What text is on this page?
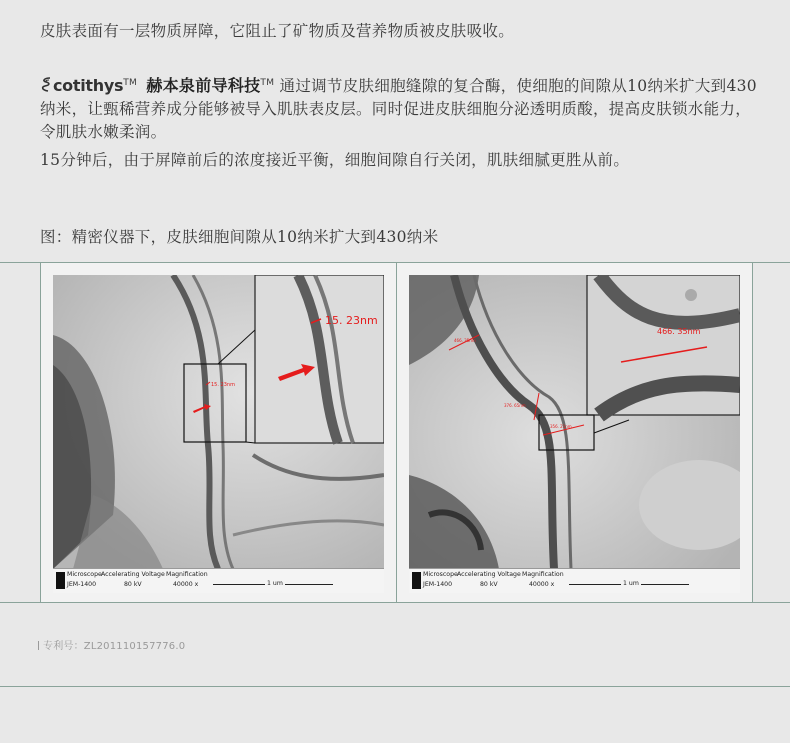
皮肤表面有一层物质屏障，它阻止了矿物质及营养物质被皮肤吸收。
cotithys™ 赫本泉前导科技™ 通过调节皮肤细胞缝隙的复合酶，使细胞的间隙从10纳米扩大到430纳米，让甄稀营养成分能够被导入肌肤表皮层。同时促进皮肤细胞分泌透明质酸，提高皮肤锁水能力，令肌肤水嫩柔润。
15分钟后，由于屏障前后的浓度接近平衡，细胞间隙自行关闭，肌肤细腻更胜从前。
图：精密仪器下，皮肤细胞间隙从10纳米扩大到430纳米
15. 23nm
15. 23nm
Microscope Accelerating Voltage Magnification
JEM-1400	80 kV	40000 x	1 um
466. 35nm
466. 35nm
376. 65nm
356. 21nm
Microscope Accelerating Voltage Magnification
JEM-1400	80 kV	40000 x	1 um
专利号：ZL201110157776.0
